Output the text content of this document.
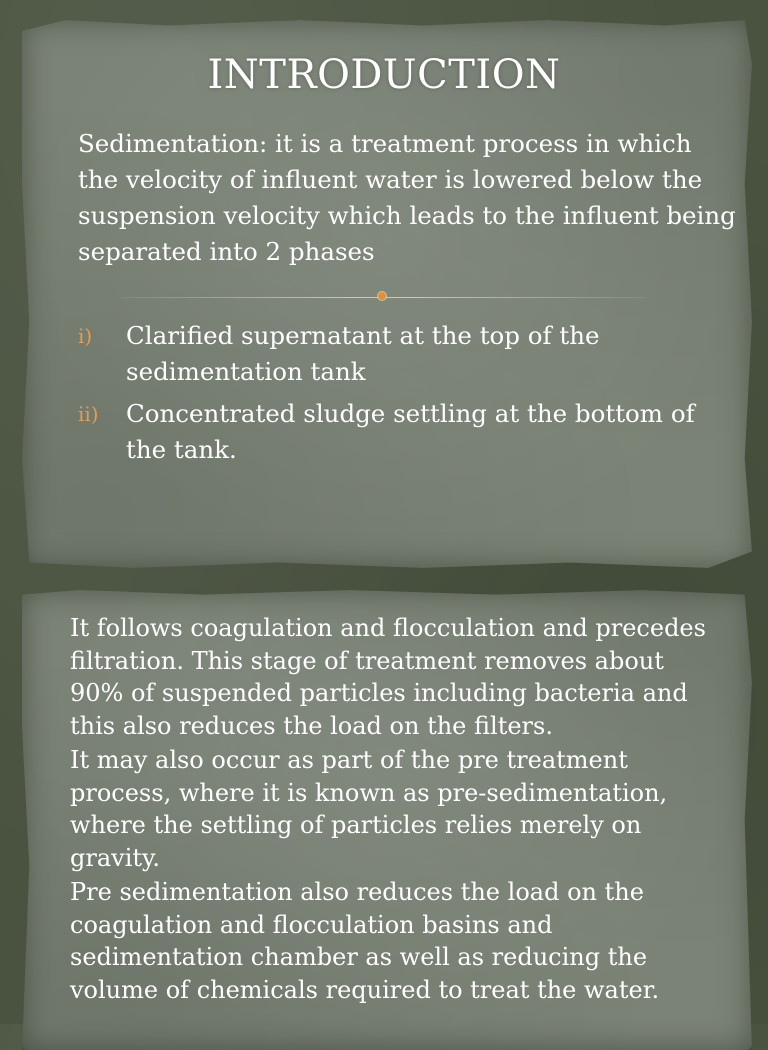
INTRODUCTION
Sedimentation: it is a treatment process in which the velocity of influent water is lowered below the suspension velocity which leads to the influent being separated into 2 phases
i) Clarified supernatant at the top of the sedimentation tank
ii) Concentrated sludge settling at the bottom of the tank.

It follows coagulation and flocculation and precedes filtration. This stage of treatment removes about 90% of suspended particles including bacteria and this also reduces the load on the filters.

It may also occur as part of the pre treatment process, where it is known as pre-sedimentation, where the settling of particles relies merely on gravity.

Pre sedimentation also reduces the load on the coagulation and flocculation basins and sedimentation chamber as well as reducing the volume of chemicals required to treat the water.
